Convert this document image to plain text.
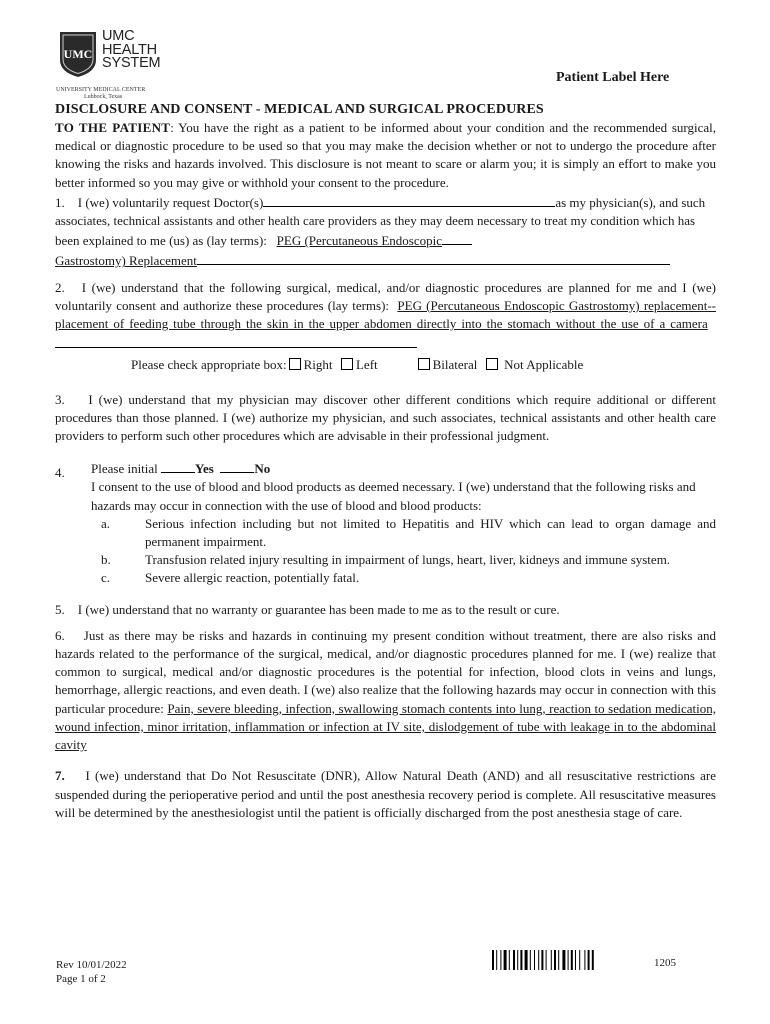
UMC
UMC
HEALTH
SYSTEM
UNIVERSITY MEDICAL CENTER
Lubbock, Texas
Patient Label Here
DISCLOSURE AND CONSENT - MEDICAL AND SURGICAL PROCEDURES

TO THE PATIENT: You have the right as a patient to be informed about your condition and the recommended surgical, medical or diagnostic procedure to be used so that you may make the decision whether or not to undergo the procedure after knowing the risks and hazards involved. This disclosure is not meant to scare or alarm you; it is simply an effort to make you better informed so you may give or withhold your consent to the procedure.

1. I (we) voluntarily request Doctor(s)	as my physician(s), and such associates, technical assistants and other health care providers as they may deem necessary to treat my condition which has been explained to me (us) as (lay terms): PEG (Percutaneous Endoscopic
Gastrostomy) Replacement

2. I (we) understand that the following surgical, medical, and/or diagnostic procedures are planned for me and I (we) voluntarily consent and authorize these procedures (lay terms): PEG (Percutaneous Endoscopic Gastrostomy) replacement--placement of feeding tube through the skin in the upper abdomen directly into the stomach without the use of a camera

Please check appropriate box: Right Left	Bilateral Not Applicable

3. I (we) understand that my physician may discover other different conditions which require additional or different procedures than those planned. I (we) authorize my physician, and such associates, technical assistants and other health care providers to perform such other procedures which are advisable in their professional judgment.

4. Please initial	Yes	No

I consent to the use of blood and blood products as deemed necessary. I (we) understand that the following risks and hazards may occur in connection with the use of blood and blood products:

a.	Serious infection including but not limited to Hepatitis and HIV which can lead to organ damage and permanent impairment.
b.	Transfusion related injury resulting in impairment of lungs, heart, liver, kidneys and immune system.
c.	Severe allergic reaction, potentially fatal.

5. I (we) understand that no warranty or guarantee has been made to me as to the result or cure.

6. Just as there may be risks and hazards in continuing my present condition without treatment, there are also risks and hazards related to the performance of the surgical, medical, and/or diagnostic procedures planned for me. I (we) realize that common to surgical, medical and/or diagnostic procedures is the potential for infection, blood clots in veins and lungs, hemorrhage, allergic reactions, and even death. I (we) also realize that the following hazards may occur in connection with this particular procedure: Pain, severe bleeding, infection, swallowing stomach contents into lung, reaction to sedation medication, wound infection, minor irritation, inflammation or infection at IV site, dislodgement of tube with leakage in to the abdominal cavity

7. I (we) understand that Do Not Resuscitate (DNR), Allow Natural Death (AND) and all resuscitative restrictions are suspended during the perioperative period and until the post anesthesia recovery period is complete. All resuscitative measures will be determined by the anesthesiologist until the patient is officially discharged from the post anesthesia stage of care.

Rev 10/01/2022
Page 1 of 2
1205
